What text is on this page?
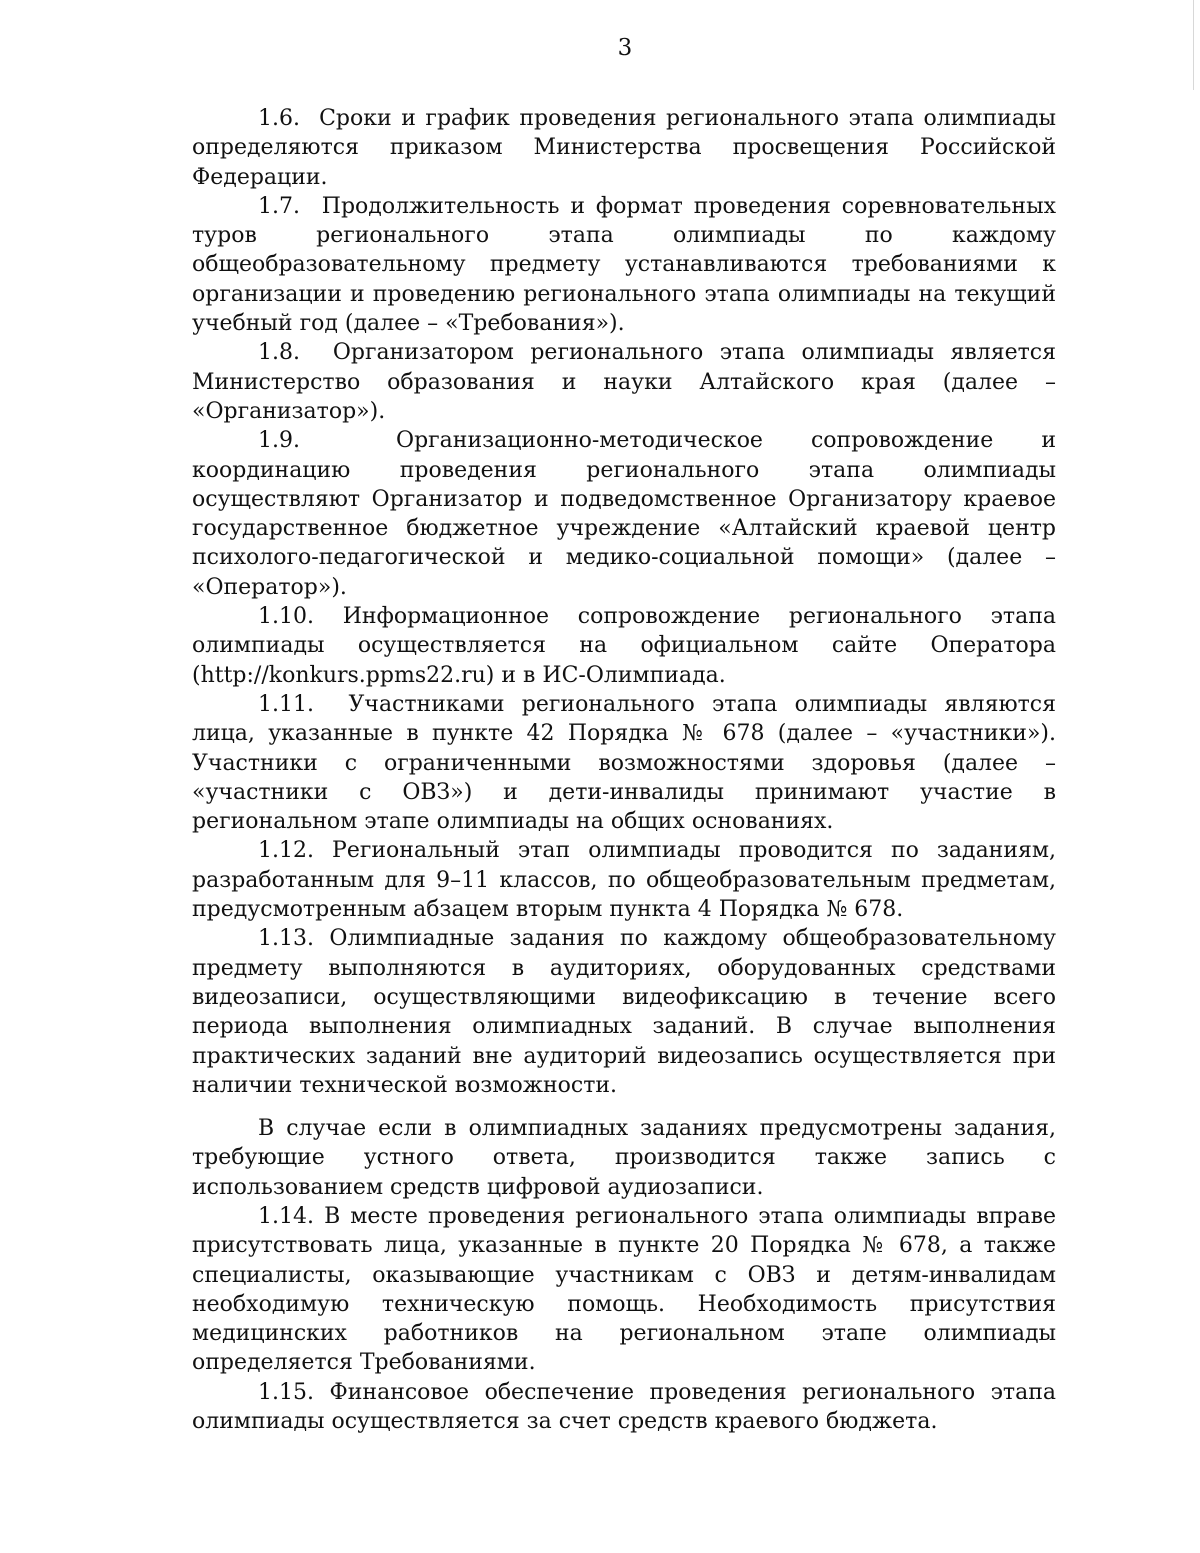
3

1.6. Сроки и график проведения регионального этапа олимпиады определяются приказом Министерства просвещения Российской Федерации.

1.7. Продолжительность и формат проведения соревновательных туров регионального этапа олимпиады по каждому общеобразовательному предмету устанавливаются требованиями к организации и проведению регионального этапа олимпиады на текущий учебный год (далее – «Требования»).

1.8. Организатором регионального этапа олимпиады является Министерство образования и науки Алтайского края (далее – «Организатор»).

1.9.	Организационно-методическое сопровождение и координацию проведения регионального этапа олимпиады осуществляют Организатор и подведомственное Организатору краевое государственное бюджетное учреждение «Алтайский краевой центр психолого-педагогической и медико-социальной помощи» (далее – «Оператор»).

1.10. Информационное сопровождение регионального этапа олимпиады осуществляется на официальном сайте Оператора (http://konkurs.ppms22.ru) и в ИС-Олимпиада.

1.11. Участниками регионального этапа олимпиады являются лица, указанные в пункте 42 Порядка № 678 (далее – «участники»). Участники с ограниченными возможностями здоровья (далее – «участники с ОВЗ») и дети-инвалиды принимают участие в региональном этапе олимпиады на общих основаниях.

1.12. Региональный этап олимпиады проводится по заданиям, разработанным для 9–11 классов, по общеобразовательным предметам, предусмотренным абзацем вторым пункта 4 Порядка № 678.

1.13. Олимпиадные задания по каждому общеобразовательному предмету выполняются в аудиториях, оборудованных средствами видеозаписи, осуществляющими видеофиксацию в течение всего периода выполнения олимпиадных заданий. В случае выполнения практических заданий вне аудиторий видеозапись осуществляется при наличии технической возможности.

В случае если в олимпиадных заданиях предусмотрены задания, требующие устного ответа, производится также запись с использованием средств цифровой аудиозаписи.

1.14. В месте проведения регионального этапа олимпиады вправе присутствовать лица, указанные в пункте 20 Порядка № 678, а также специалисты, оказывающие участникам с ОВЗ и детям-инвалидам необходимую техническую помощь. Необходимость присутствия медицинских работников на региональном этапе олимпиады определяется Требованиями.

1.15. Финансовое обеспечение проведения регионального этапа олимпиады осуществляется за счет средств краевого бюджета.
